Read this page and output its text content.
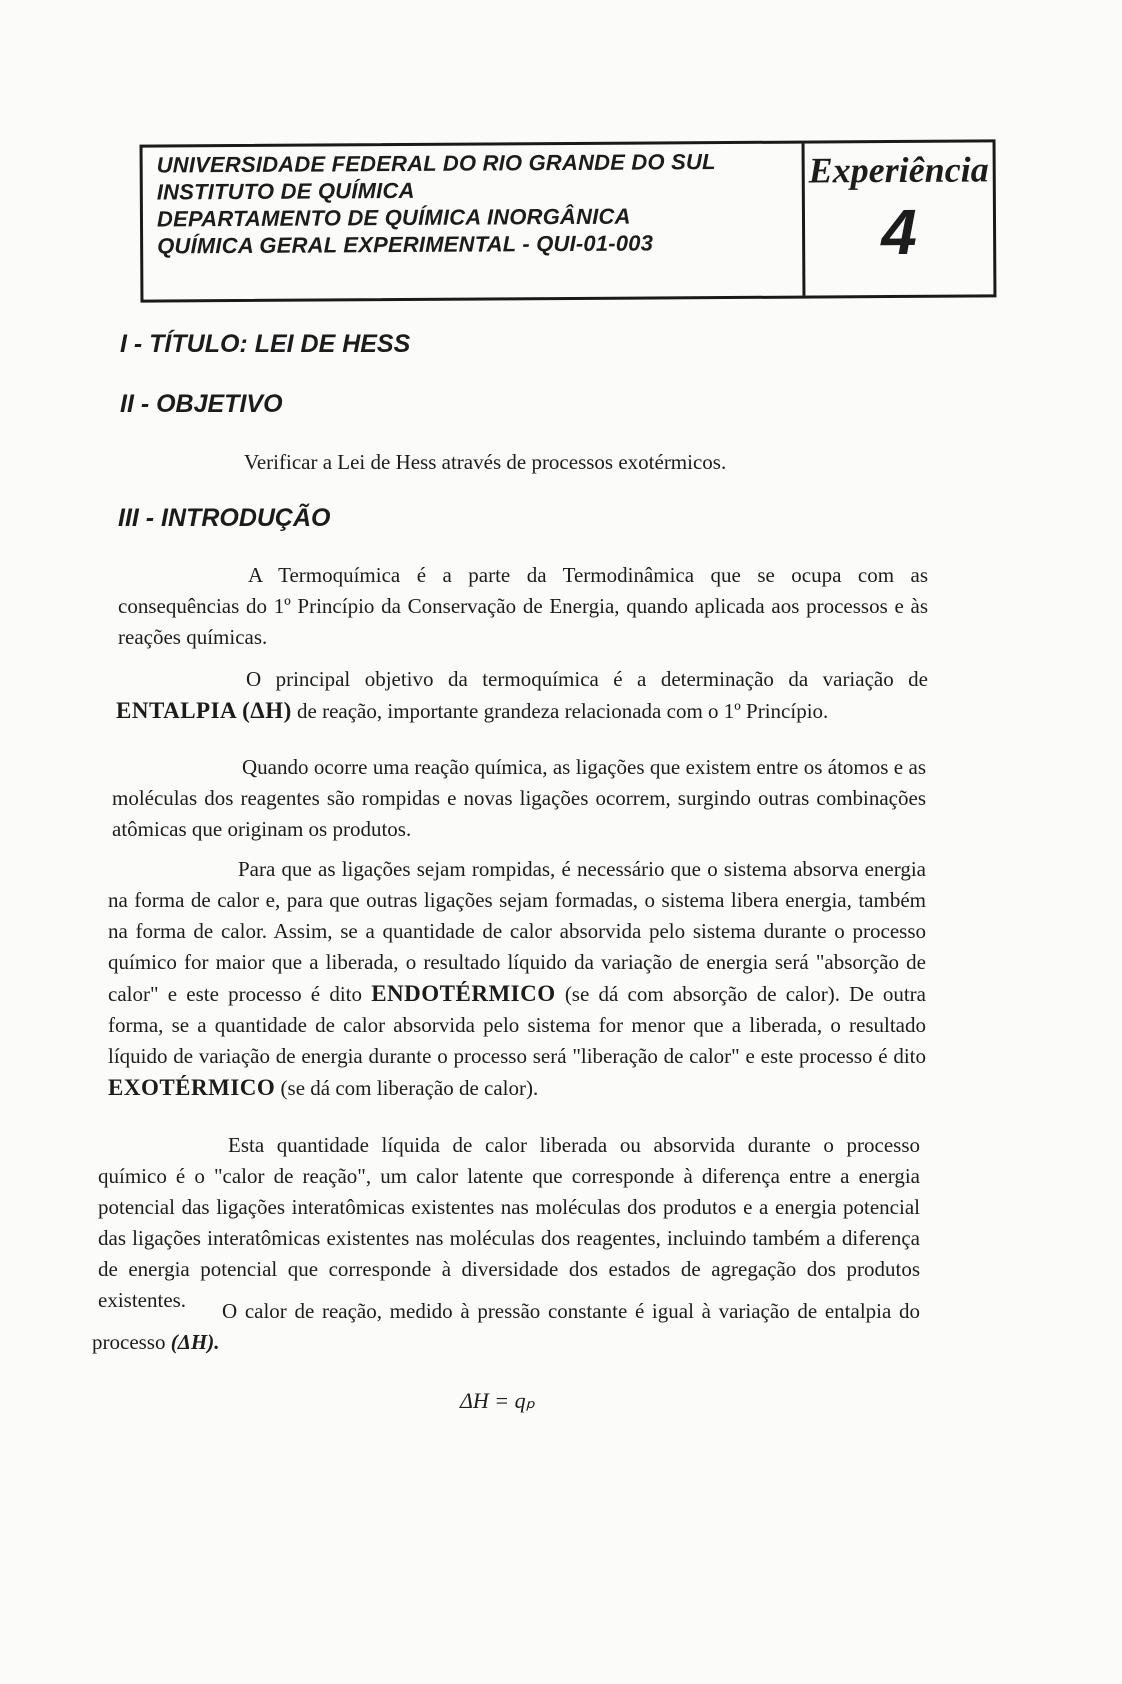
UNIVERSIDADE FEDERAL DO RIO GRANDE DO SUL
INSTITUTO DE QUÍMICA
DEPARTAMENTO DE QUÍMICA INORGÂNICA
QUÍMICA GERAL EXPERIMENTAL - QUI-01-003
Experiência
4
I - TÍTULO: LEI DE HESS
II - OBJETIVO
Verificar a Lei de Hess através de processos exotérmicos.
III - INTRODUÇÃO

A Termoquímica é a parte da Termodinâmica que se ocupa com as consequências do 1º Princípio da Conservação de Energia, quando aplicada aos processos e às reações químicas.

O principal objetivo da termoquímica é a determinação da variação de ENTALPIA (ΔH) de reação, importante grandeza relacionada com o 1º Princípio.

Quando ocorre uma reação química, as ligações que existem entre os átomos e as moléculas dos reagentes são rompidas e novas ligações ocorrem, surgindo outras combinações atômicas que originam os produtos.

Para que as ligações sejam rompidas, é necessário que o sistema absorva energia na forma de calor e, para que outras ligações sejam formadas, o sistema libera energia, também na forma de calor. Assim, se a quantidade de calor absorvida pelo sistema durante o processo químico for maior que a liberada, o resultado líquido da variação de energia será "absorção de calor" e este processo é dito ENDOTÉRMICO (se dá com absorção de calor). De outra forma, se a quantidade de calor absorvida pelo sistema for menor que a liberada, o resultado líquido de variação de energia durante o processo será "liberação de calor" e este processo é dito EXOTÉRMICO (se dá com liberação de calor).

Esta quantidade líquida de calor liberada ou absorvida durante o processo químico é o "calor de reação", um calor latente que corresponde à diferença entre a energia potencial das ligações interatômicas existentes nas moléculas dos produtos e a energia potencial das ligações interatômicas existentes nas moléculas dos reagentes, incluindo também a diferença de energia potencial que corresponde à diversidade dos estados de agregação dos produtos existentes.	O calor de reação, medido à pressão constante é igual à variação de entalpia do processo (ΔH).

ΔH = qₚ
